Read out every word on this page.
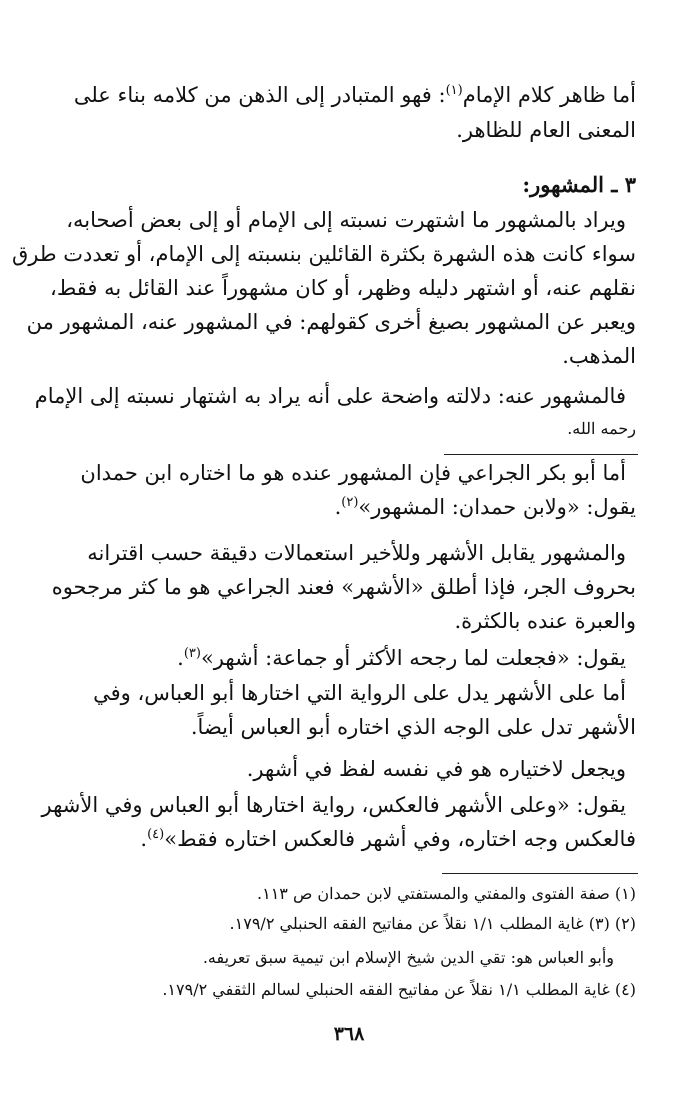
أما ظاهر كلام الإمام$^{(١)}$: فهو المتبادر إلى الذهن من كلامه بناء على
المعنى العام للظاهر.
٣ ـ المشهور:
ويراد بالمشهور ما اشتهرت نسبته إلى الإمام أو إلى بعض أصحابه،
سواء كانت هذه الشهرة بكثرة القائلين بنسبته إلى الإمام، أو تعددت طرق
نقلهم عنه، أو اشتهر دليله وظهر، أو كان مشهوراً عند القائل به فقط،
ويعبر عن المشهور بصيغ أخرى كقولهم: في المشهور عنه، المشهور من
المذهب.
فالمشهور عنه: دلالته واضحة على أنه يراد به اشتهار نسبته إلى الإمام
رحمه الله.
أما أبو بكر الجراعي فإن المشهور عنده هو ما اختاره ابن حمدان
يقول: «ولابن حمدان: المشهور»$^{(٢)}$.
والمشهور يقابل الأشهر وللأخير استعمالات دقيقة حسب اقترانه
بحروف الجر، فإذا أطلق «الأشهر» فعند الجراعي هو ما كثر مرجحوه
والعبرة عنده بالكثرة.
يقول: «فجعلت لما رجحه الأكثر أو جماعة: أشهر»$^{(٣)}$.
أما على الأشهر يدل على الرواية التي اختارها أبو العباس، وفي
الأشهر تدل على الوجه الذي اختاره أبو العباس أيضاً.
ويجعل لاختياره هو في نفسه لفظ في أشهر.
يقول: «وعلى الأشهر فالعكس، رواية اختارها أبو العباس وفي الأشهر
فالعكس وجه اختاره، وفي أشهر فالعكس اختاره فقط»$^{(٤)}$.
(١) صفة الفتوى والمفتي والمستفتي لابن حمدان ص ١١٣.
(٢) (٣) غاية المطلب ١/١ نقلاً عن مفاتيح الفقه الحنبلي ١٧٩/٢.
وأبو العباس هو: تقي الدين شيخ الإسلام ابن تيمية سبق تعريفه.
(٤) غاية المطلب ١/١ نقلاً عن مفاتيح الفقه الحنبلي لسالم الثقفي ١٧٩/٢.
٣٦٨
